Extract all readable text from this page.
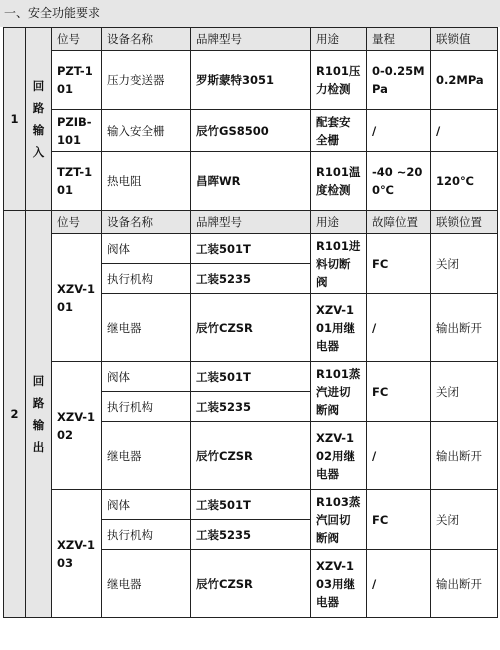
一、安全功能要求
1	回路输入	位号	设备名称	品牌型号	用途	量程	联锁值
		PZT-101	压力变送器	罗斯蒙特3051	R101压力检测	0-0.25MPa	0.2MPa
		PZIB-101	输入安全栅	辰竹GS8500	配套安全栅	/	/
		TZT-101	热电阻	昌晖WR	R101温度检测	-40 ~200℃	120℃
2	回路输出	位号	设备名称	品牌型号	用途	故障位置	联锁位置
		XZV-101	阀体	工装501T	R101进料切断阀	FC	关闭
			执行机构	工装5235			
			继电器	辰竹CZSR	XZV-101用继电器	/	输出断开
		XZV-102	阀体	工装501T	R101蒸汽进切断阀	FC	关闭
			执行机构	工装5235			
			继电器	辰竹CZSR	XZV-102用继电器	/	输出断开
		XZV-103	阀体	工装501T	R103蒸汽回切断阀	FC	关闭
			执行机构	工装5235			
			继电器	辰竹CZSR	XZV-103用继电器	/	输出断开
